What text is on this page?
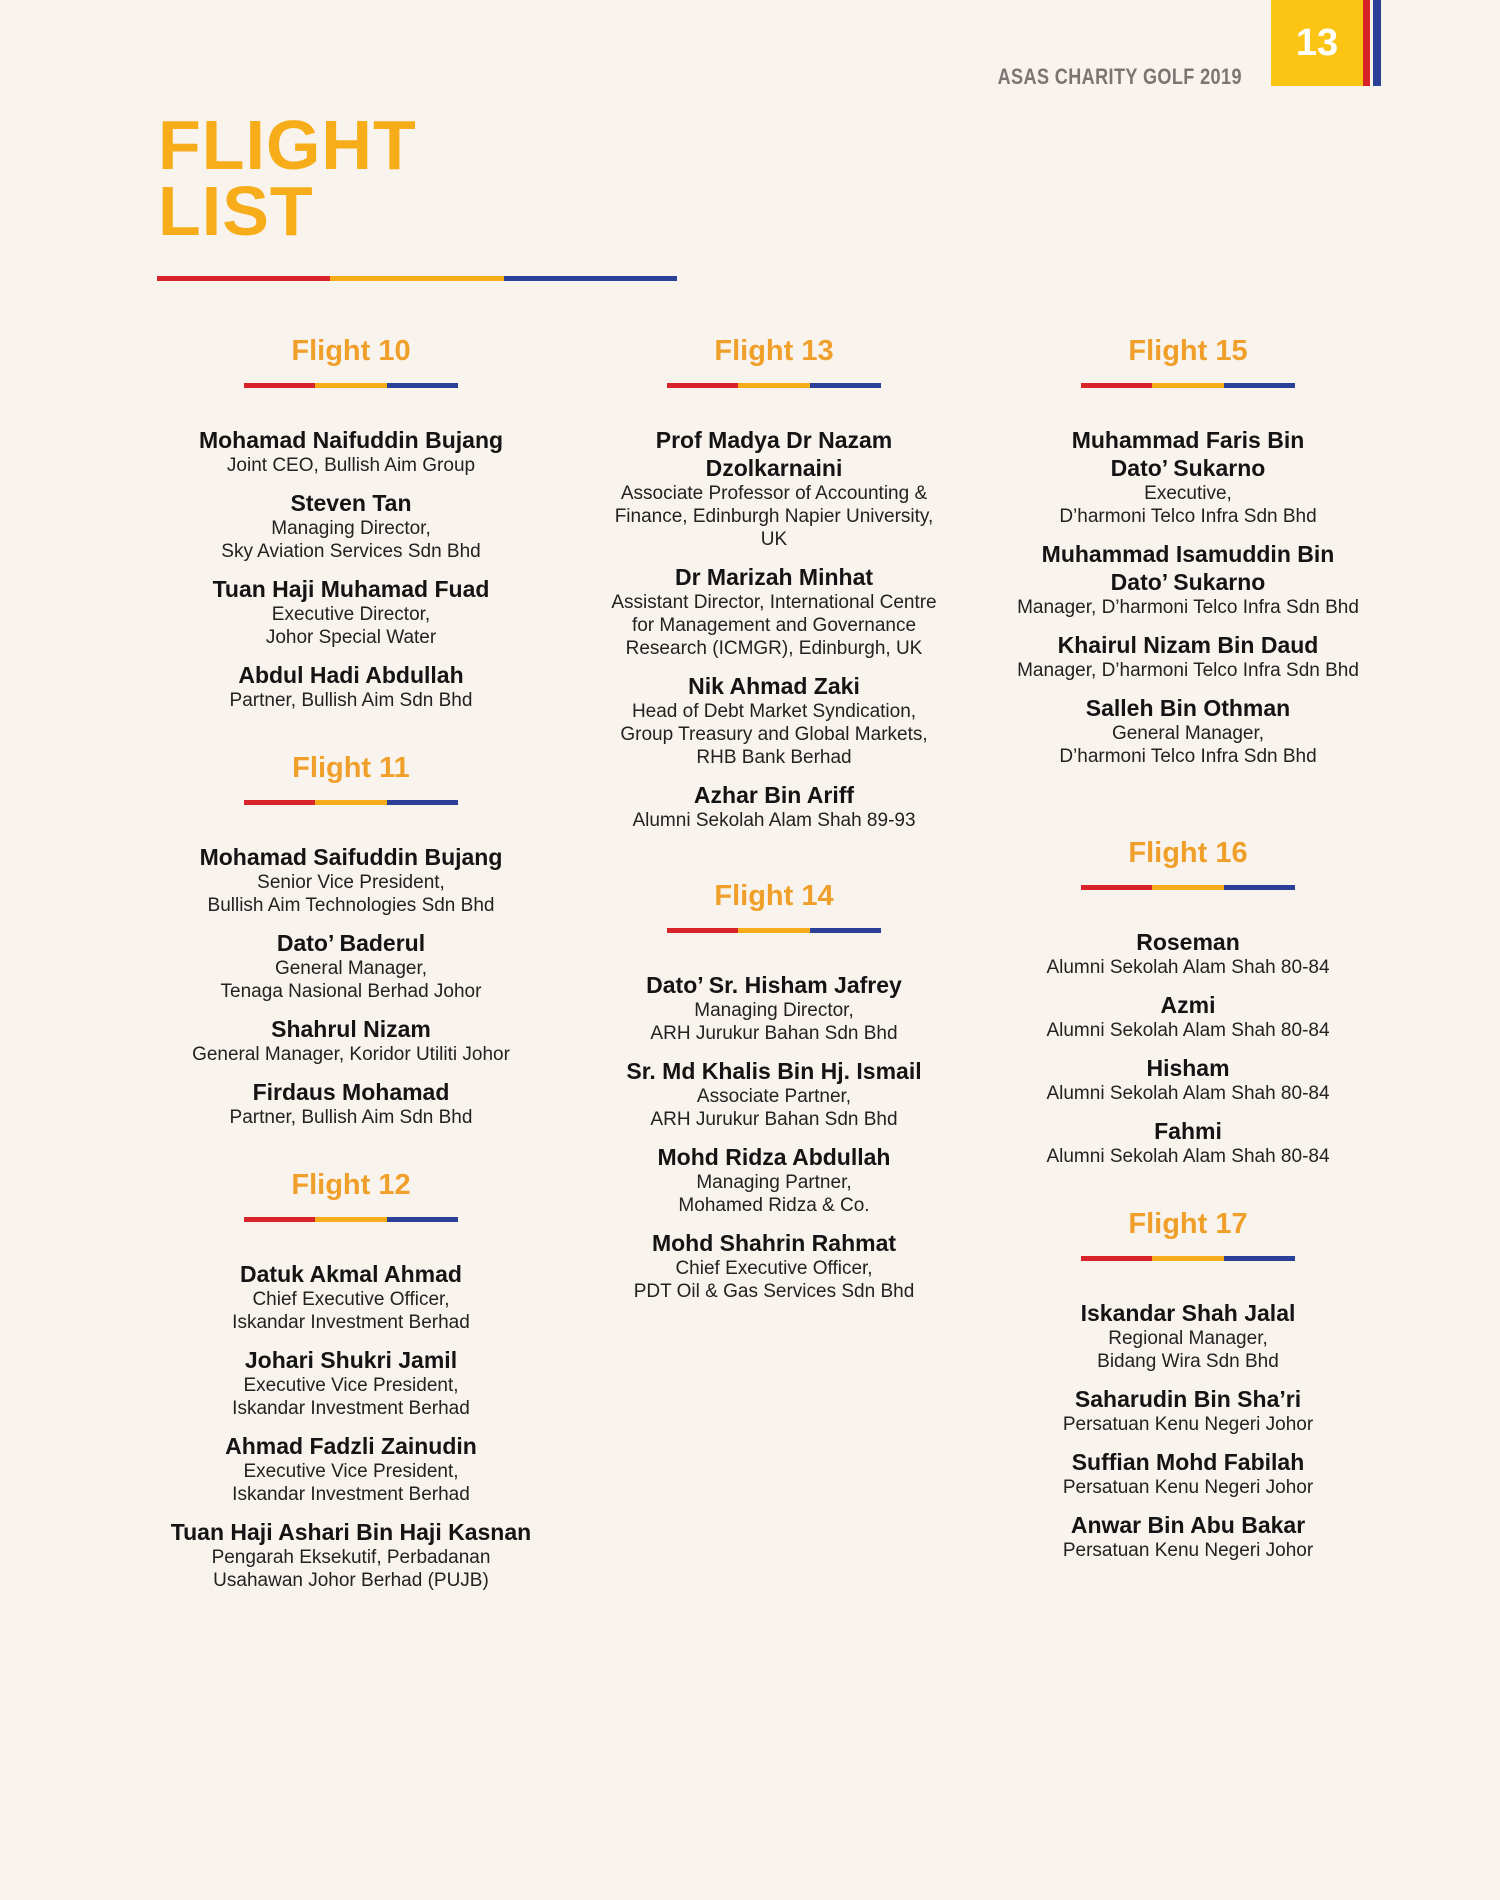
ASAS CHARITY GOLF 2019
13
FLIGHT
LIST
Flight 10
Mohamad Naifuddin Bujang
Joint CEO, Bullish Aim Group
Steven Tan
Managing Director,
Sky Aviation Services Sdn Bhd
Tuan Haji Muhamad Fuad
Executive Director,
Johor Special Water
Abdul Hadi Abdullah
Partner, Bullish Aim Sdn Bhd
Flight 11
Mohamad Saifuddin Bujang
Senior Vice President,
Bullish Aim Technologies Sdn Bhd
Dato’ Baderul
General Manager,
Tenaga Nasional Berhad Johor
Shahrul Nizam
General Manager, Koridor Utiliti Johor
Firdaus Mohamad
Partner, Bullish Aim Sdn Bhd
Flight 12
Datuk Akmal Ahmad
Chief Executive Officer,
Iskandar Investment Berhad
Johari Shukri Jamil
Executive Vice President,
Iskandar Investment Berhad
Ahmad Fadzli Zainudin
Executive Vice President,
Iskandar Investment Berhad
Tuan Haji Ashari Bin Haji Kasnan
Pengarah Eksekutif, Perbadanan
Usahawan Johor Berhad (PUJB)
Flight 13
Prof Madya Dr Nazam
Dzolkarnaini
Associate Professor of Accounting &
Finance, Edinburgh Napier University,
UK
Dr Marizah Minhat
Assistant Director, International Centre
for Management and Governance
Research (ICMGR), Edinburgh, UK
Nik Ahmad Zaki
Head of Debt Market Syndication,
Group Treasury and Global Markets,
RHB Bank Berhad
Azhar Bin Ariff
Alumni Sekolah Alam Shah 89-93
Flight 14
Dato’ Sr. Hisham Jafrey
Managing Director,
ARH Jurukur Bahan Sdn Bhd
Sr. Md Khalis Bin Hj. Ismail
Associate Partner,
ARH Jurukur Bahan Sdn Bhd
Mohd Ridza Abdullah
Managing Partner,
Mohamed Ridza & Co.
Mohd Shahrin Rahmat
Chief Executive Officer,
PDT Oil & Gas Services Sdn Bhd
Flight 15
Muhammad Faris Bin
Dato’ Sukarno
Executive,
D’harmoni Telco Infra Sdn Bhd
Muhammad Isamuddin Bin
Dato’ Sukarno
Manager, D’harmoni Telco Infra Sdn Bhd
Khairul Nizam Bin Daud
Manager, D’harmoni Telco Infra Sdn Bhd
Salleh Bin Othman
General Manager,
D’harmoni Telco Infra Sdn Bhd
Flight 16
Roseman
Alumni Sekolah Alam Shah 80-84
Azmi
Alumni Sekolah Alam Shah 80-84
Hisham
Alumni Sekolah Alam Shah 80-84
Fahmi
Alumni Sekolah Alam Shah 80-84
Flight 17
Iskandar Shah Jalal
Regional Manager,
Bidang Wira Sdn Bhd
Saharudin Bin Sha’ri
Persatuan Kenu Negeri Johor
Suffian Mohd Fabilah
Persatuan Kenu Negeri Johor
Anwar Bin Abu Bakar
Persatuan Kenu Negeri Johor
